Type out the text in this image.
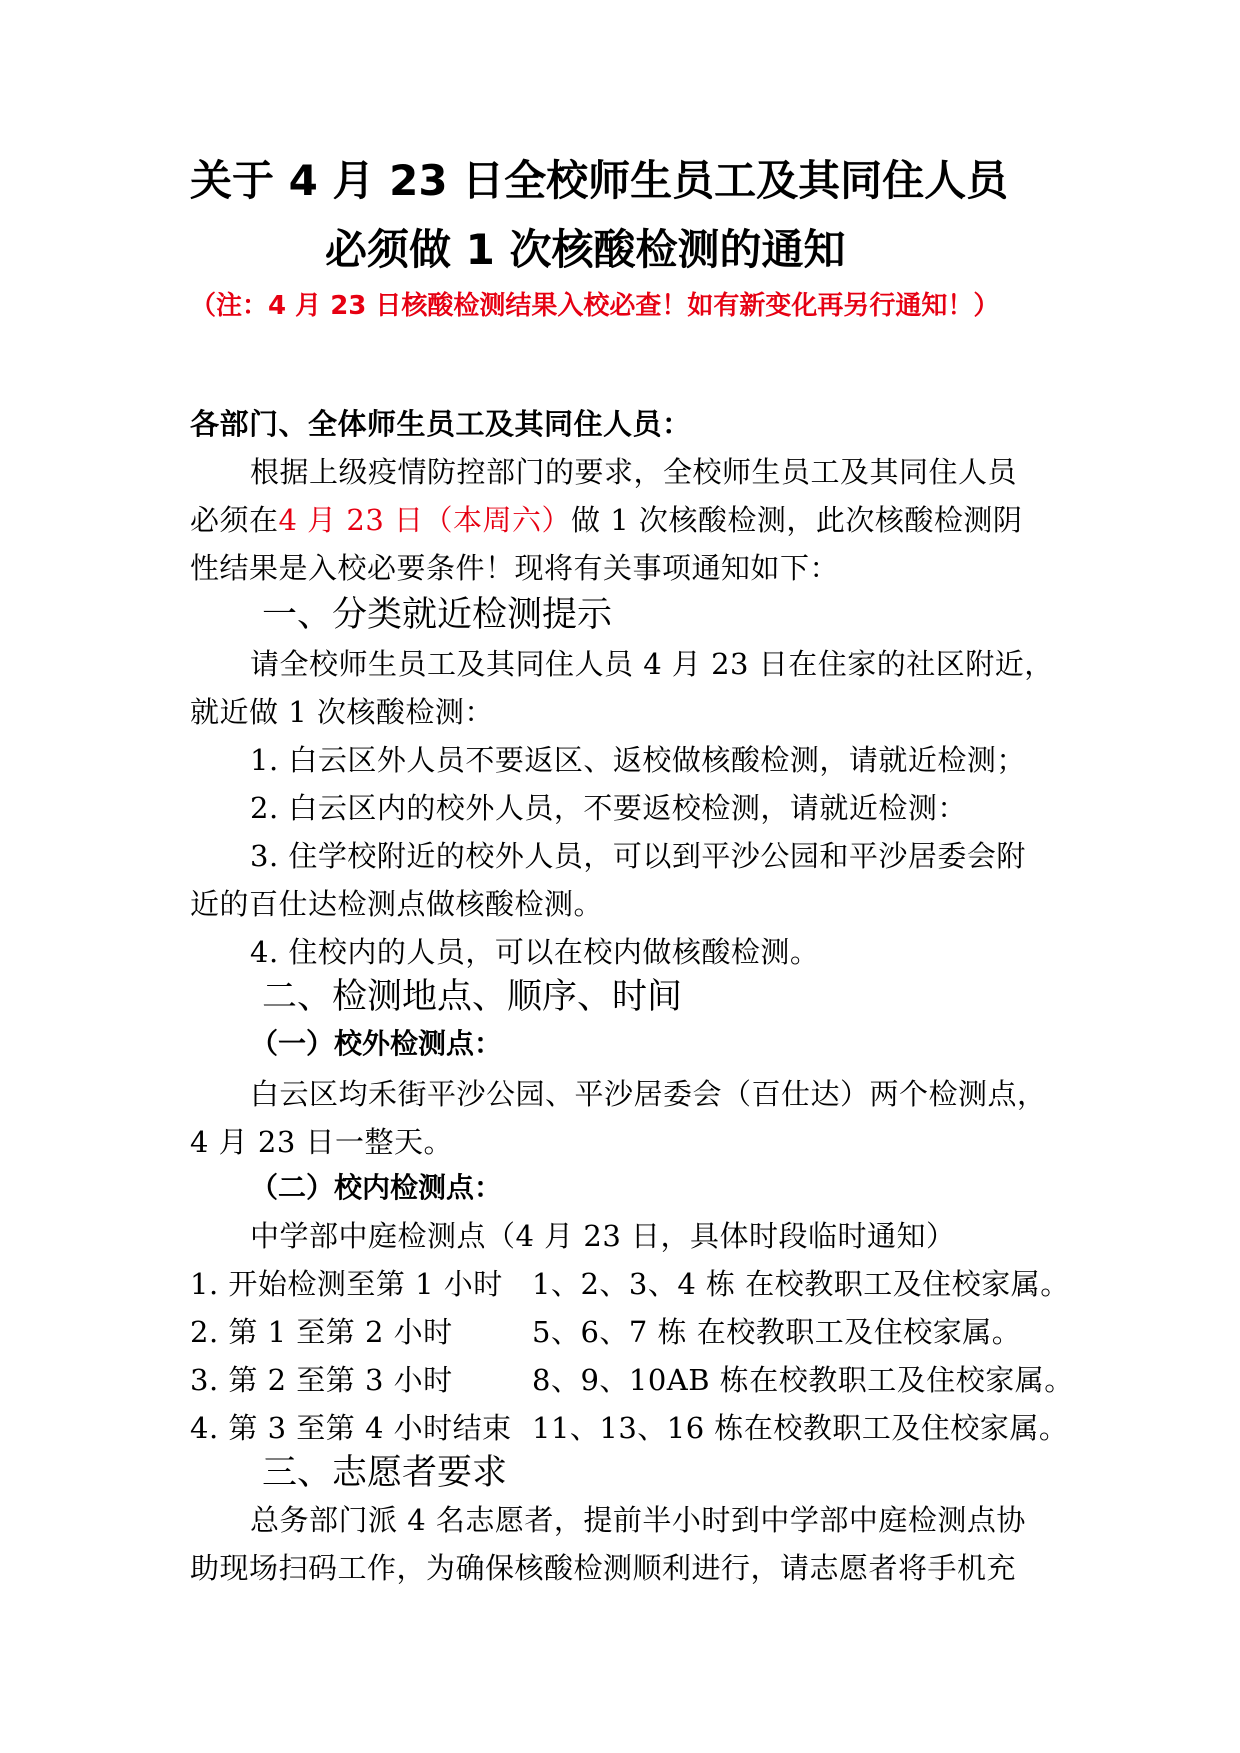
关于 4 月 23 日全校师生员工及其同住人员
必须做 1 次核酸检测的通知
（注：4 月 23 日核酸检测结果入校必查！如有新变化再另行通知！）
各部门、全体师生员工及其同住人员：
根据上级疫情防控部门的要求，全校师生员工及其同住人员
必须在4 月 23 日（本周六）做 1 次核酸检测，此次核酸检测阴
性结果是入校必要条件！现将有关事项通知如下：
一、分类就近检测提示
请全校师生员工及其同住人员 4 月 23 日在住家的社区附近，
就近做 1 次核酸检测：
1. 白云区外人员不要返区、返校做核酸检测，请就近检测；
2. 白云区内的校外人员，不要返校检测，请就近检测：
3. 住学校附近的校外人员，可以到平沙公园和平沙居委会附
近的百仕达检测点做核酸检测。
4. 住校内的人员，可以在校内做核酸检测。
二、检测地点、顺序、时间
（一）校外检测点：
白云区均禾街平沙公园、平沙居委会（百仕达）两个检测点，
4 月 23 日一整天。
（二）校内检测点：
中学部中庭检测点（4 月 23 日，具体时段临时通知）
1. 开始检测至第 1 小时 1、2、3、4 栋 在校教职工及住校家属。
2. 第 1 至第 2 小时	5、6、7 栋 在校教职工及住校家属。
3. 第 2 至第 3 小时	8、9、10AB 栋在校教职工及住校家属。
4. 第 3 至第 4 小时结束 11、13、16 栋在校教职工及住校家属。
三、志愿者要求
总务部门派 4 名志愿者，提前半小时到中学部中庭检测点协
助现场扫码工作，为确保核酸检测顺利进行，请志愿者将手机充
